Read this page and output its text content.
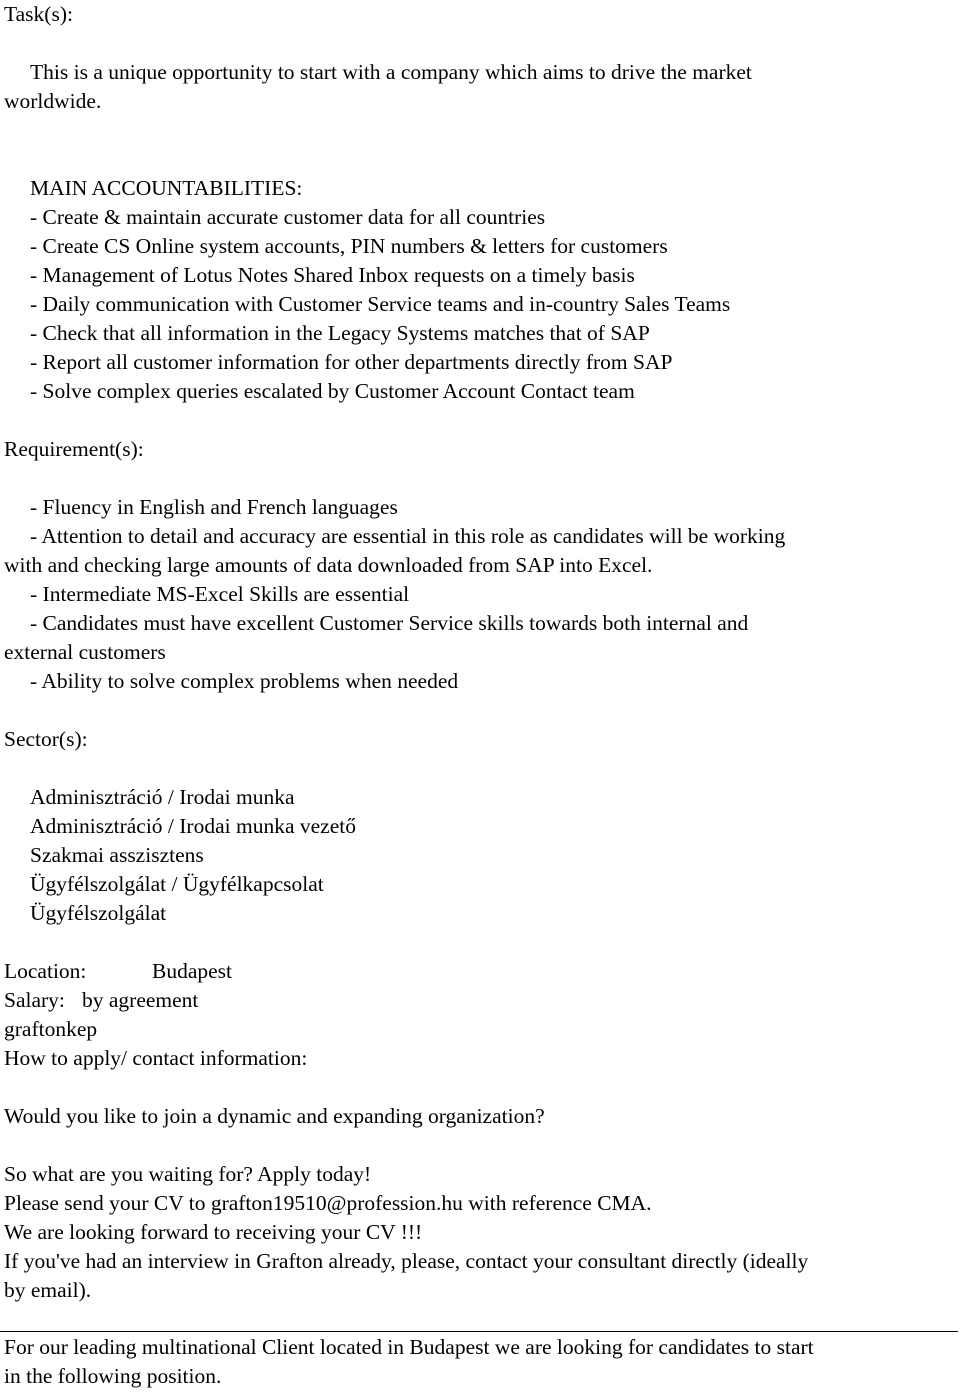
Task(s):
This is a unique opportunity to start with a company which aims to drive the market
worldwide.
MAIN ACCOUNTABILITIES:
- Create & maintain accurate customer data for all countries
- Create CS Online system accounts, PIN numbers & letters for customers
- Management of Lotus Notes Shared Inbox requests on a timely basis
- Daily communication with Customer Service teams and in-country Sales Teams
- Check that all information in the Legacy Systems matches that of SAP
- Report all customer information for other departments directly from SAP
- Solve complex queries escalated by Customer Account Contact team
Requirement(s):
- Fluency in English and French languages
- Attention to detail and accuracy are essential in this role as candidates will be working
with and checking large amounts of data downloaded from SAP into Excel.
- Intermediate MS-Excel Skills are essential
- Candidates must have excellent Customer Service skills towards both internal and
external customers
- Ability to solve complex problems when needed
Sector(s):
Adminisztráció / Irodai munka
Adminisztráció / Irodai munka vezető
Szakmai asszisztens
Ügyfélszolgálat / Ügyfélkapcsolat
Ügyfélszolgálat
Location:	Budapest
Salary: by agreement
graftonkep
How to apply/ contact information:
Would you like to join a dynamic and expanding organization?
So what are you waiting for? Apply today!
Please send your CV to grafton19510@profession.hu with reference CMA.
We are looking forward to receiving your CV !!!
If you've had an interview in Grafton already, please, contact your consultant directly (ideally
by email).
For our leading multinational Client located in Budapest we are looking for candidates to start
in the following position.
